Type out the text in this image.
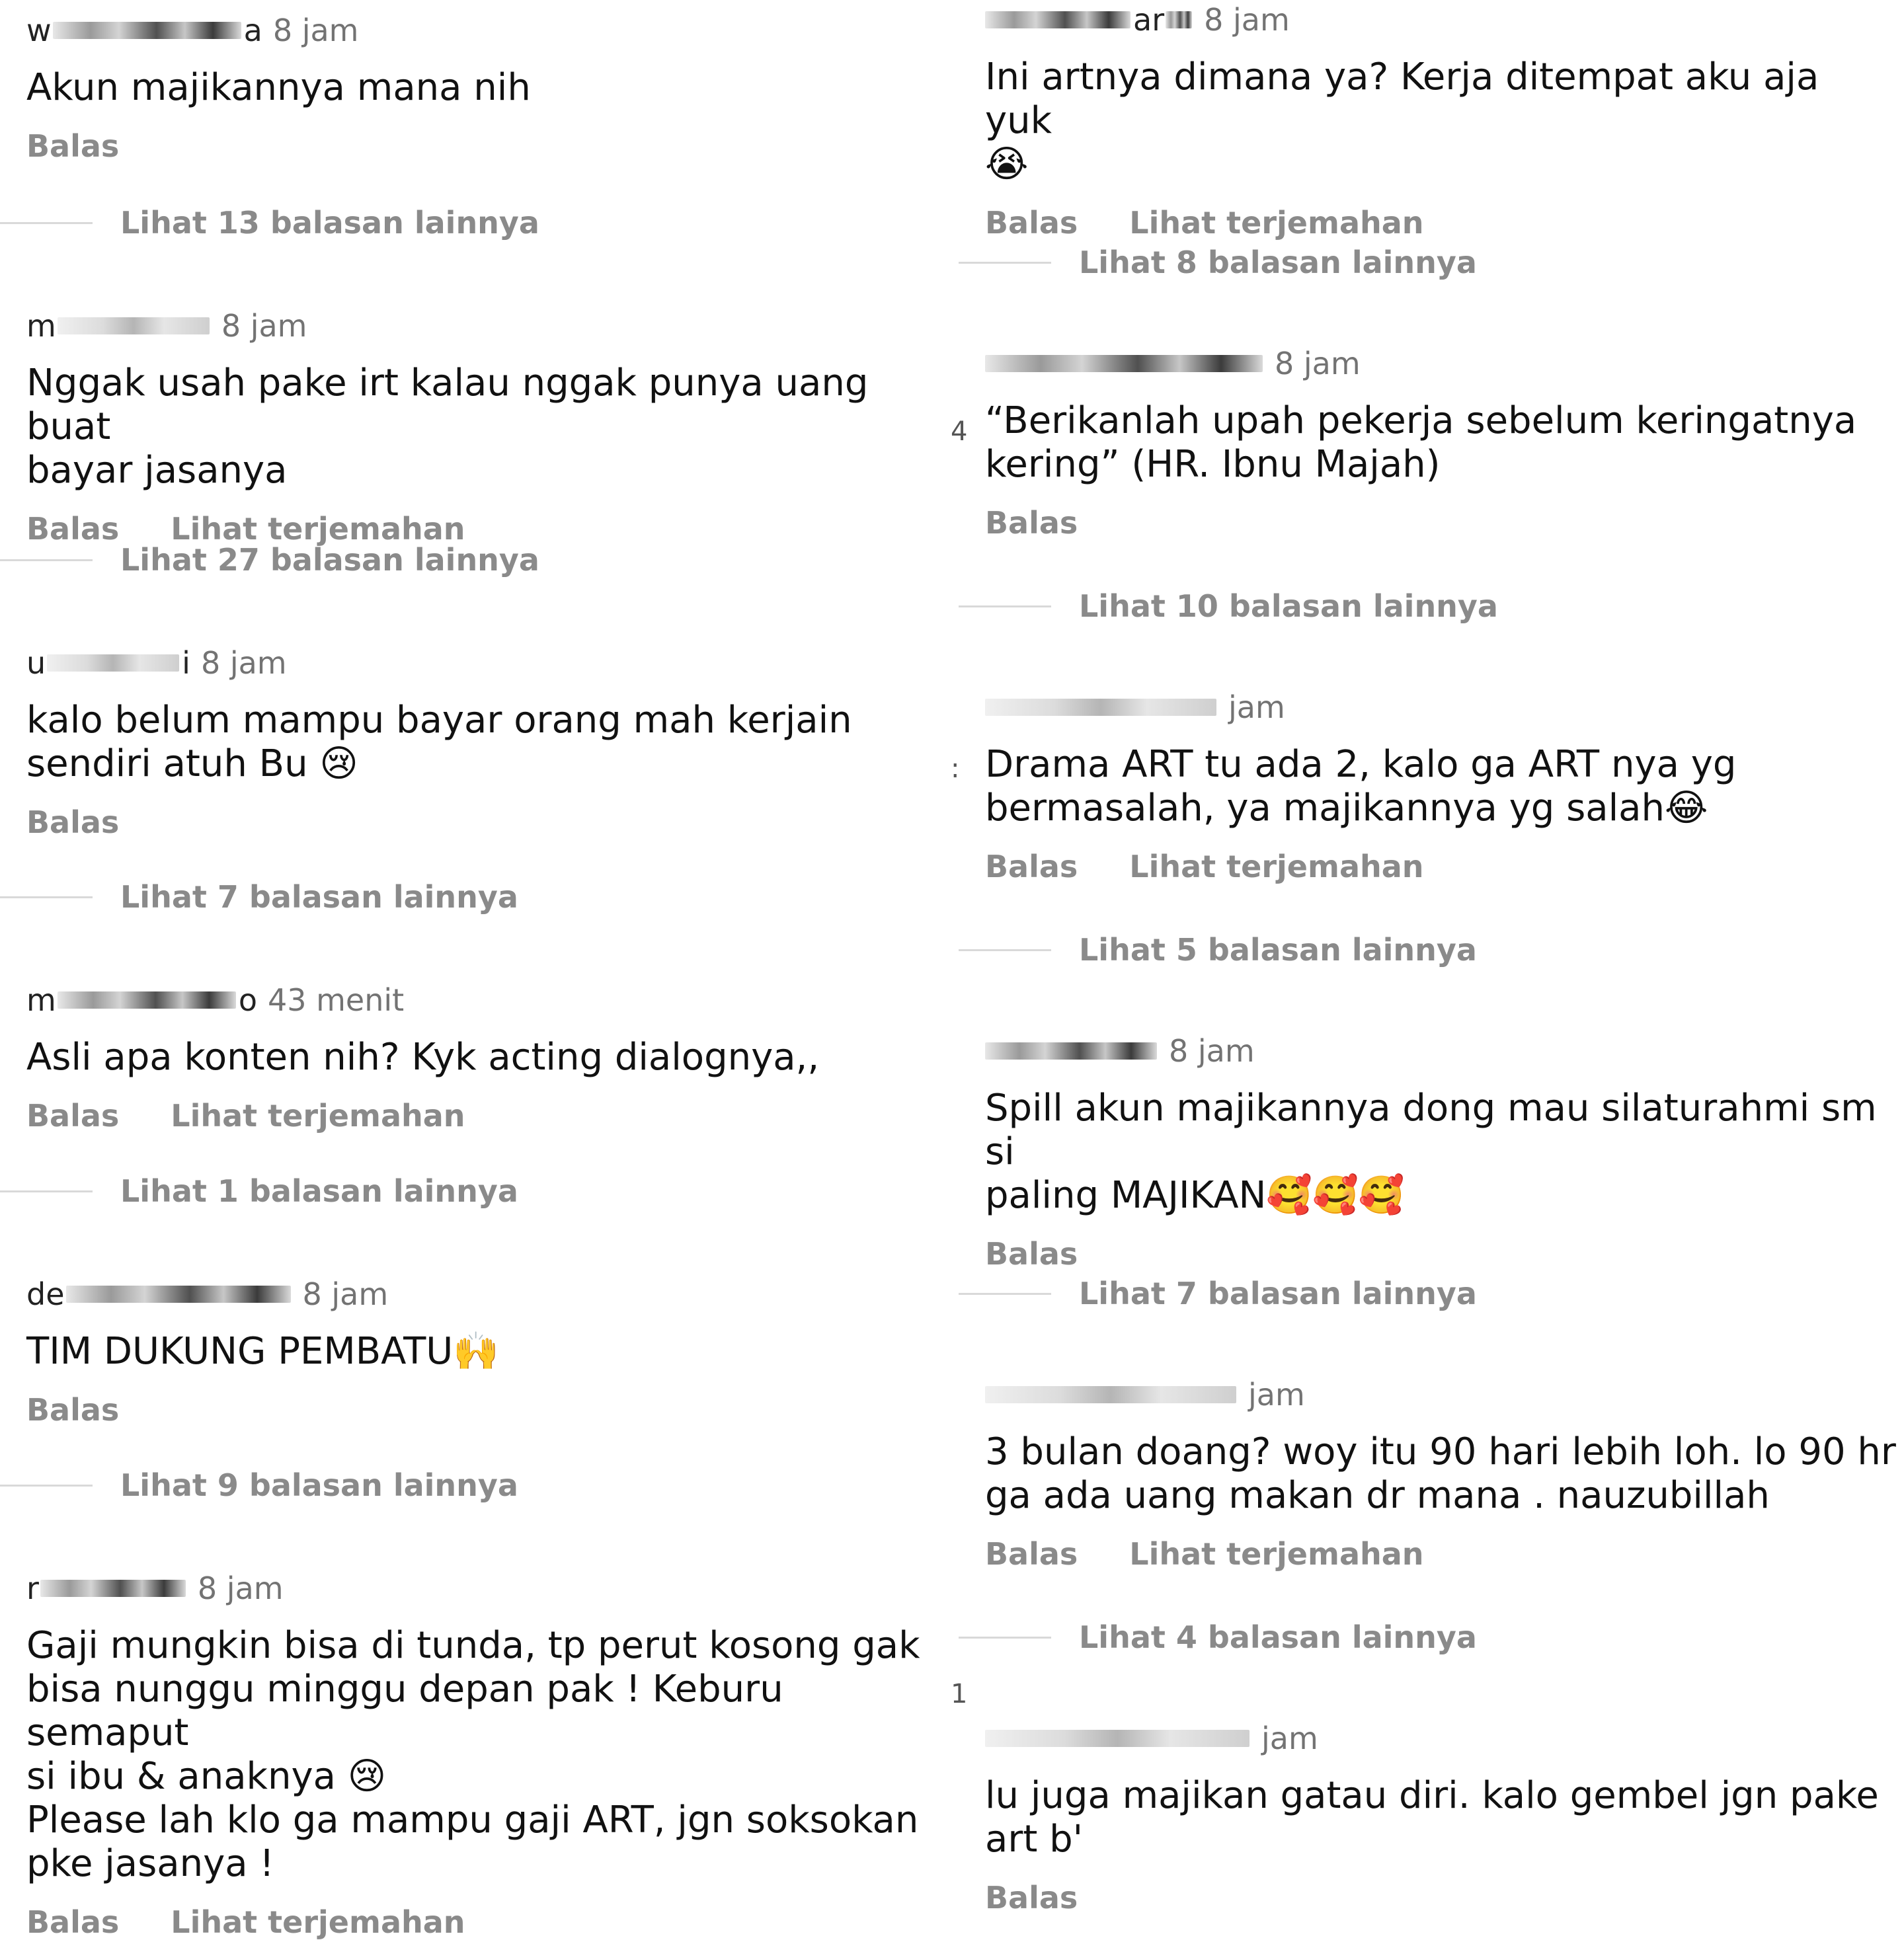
w	a 8 jam
Akun majikannya mana nih
Balas
Lihat 13 balasan lainnya
m	8 jam
Nggak usah pake irt kalau nggak punya uang buat
bayar jasanya
Balas Lihat terjemahan
Lihat 27 balasan lainnya
u	i 8 jam
kalo belum mampu bayar orang mah kerjain
sendiri atuh Bu 😢
Balas
Lihat 7 balasan lainnya
m	o 43 menit
Asli apa konten nih? Kyk acting dialognya,,
Balas Lihat terjemahan
Lihat 1 balasan lainnya
de	8 jam
TIM DUKUNG PEMBATU🙌
Balas
Lihat 9 balasan lainnya
r	8 jam
Gaji mungkin bisa di tunda, tp perut kosong gak
bisa nunggu minggu depan pak ! Keburu semaput
si ibu & anaknya 😢
Please lah klo ga mampu gaji ART, jgn soksokan
pke jasanya !
Balas Lihat terjemahan
4
:
1
ar 8 jam
Ini artnya dimana ya? Kerja ditempat aku aja yuk
😭
Balas Lihat terjemahan
Lihat 8 balasan lainnya
8 jam
“Berikanlah upah pekerja sebelum keringatnya
kering” (HR. Ibnu Majah)
Balas
Lihat 10 balasan lainnya
jam
Drama ART tu ada 2, kalo ga ART nya yg
bermasalah, ya majikannya yg salah😂
Balas Lihat terjemahan
Lihat 5 balasan lainnya
8 jam
Spill akun majikannya dong mau silaturahmi sm si
paling MAJIKAN🥰🥰🥰
Balas
Lihat 7 balasan lainnya
jam
3 bulan doang? woy itu 90 hari lebih loh. lo 90 hr
ga ada uang makan dr mana . nauzubillah
Balas Lihat terjemahan
Lihat 4 balasan lainnya
jam
lu juga majikan gatau diri. kalo gembel jgn pake
art b'
Balas
